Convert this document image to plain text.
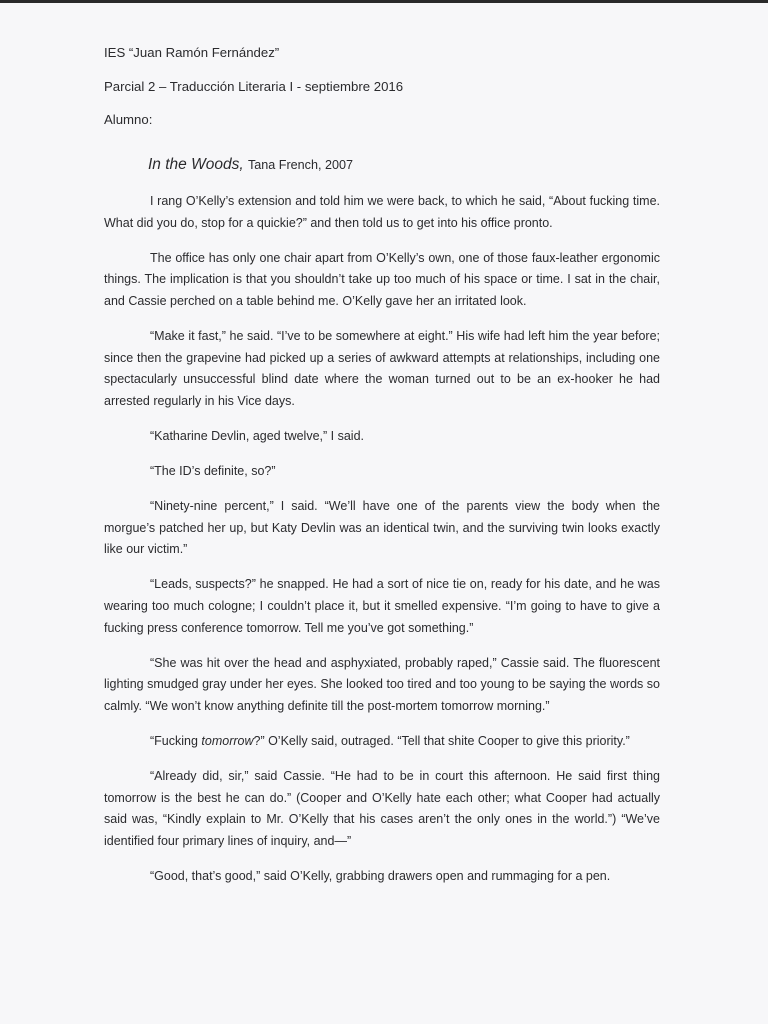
IES “Juan Ramón Fernández”
Parcial 2 – Traducción Literaria I - septiembre 2016
Alumno:
In the Woods, Tana French, 2007

I rang O’Kelly’s extension and told him we were back, to which he said, “About fucking time. What did you do, stop for a quickie?” and then told us to get into his office pronto.

The office has only one chair apart from O’Kelly’s own, one of those faux-leather ergonomic things. The implication is that you shouldn’t take up too much of his space or time. I sat in the chair, and Cassie perched on a table behind me. O’Kelly gave her an irritated look.

“Make it fast,” he said. “I’ve to be somewhere at eight.” His wife had left him the year before; since then the grapevine had picked up a series of awkward attempts at relationships, including one spectacularly unsuccessful blind date where the woman turned out to be an ex-hooker he had arrested regularly in his Vice days.

“Katharine Devlin, aged twelve,” I said.

“The ID’s definite, so?”

“Ninety-nine percent,” I said. “We’ll have one of the parents view the body when the morgue’s patched her up, but Katy Devlin was an identical twin, and the surviving twin looks exactly like our victim.”

“Leads, suspects?” he snapped. He had a sort of nice tie on, ready for his date, and he was wearing too much cologne; I couldn’t place it, but it smelled expensive. “I’m going to have to give a fucking press conference tomorrow. Tell me you’ve got something.”

“She was hit over the head and asphyxiated, probably raped,” Cassie said. The fluorescent lighting smudged gray under her eyes. She looked too tired and too young to be saying the words so calmly. “We won’t know anything definite till the post-mortem tomorrow morning.”

“Fucking tomorrow?” O’Kelly said, outraged. “Tell that shite Cooper to give this priority.”

“Already did, sir,” said Cassie. “He had to be in court this afternoon. He said first thing tomorrow is the best he can do.” (Cooper and O’Kelly hate each other; what Cooper had actually said was, “Kindly explain to Mr. O’Kelly that his cases aren’t the only ones in the world.”) “We’ve identified four primary lines of inquiry, and—”

“Good, that’s good,” said O’Kelly, grabbing drawers open and rummaging for a pen.
